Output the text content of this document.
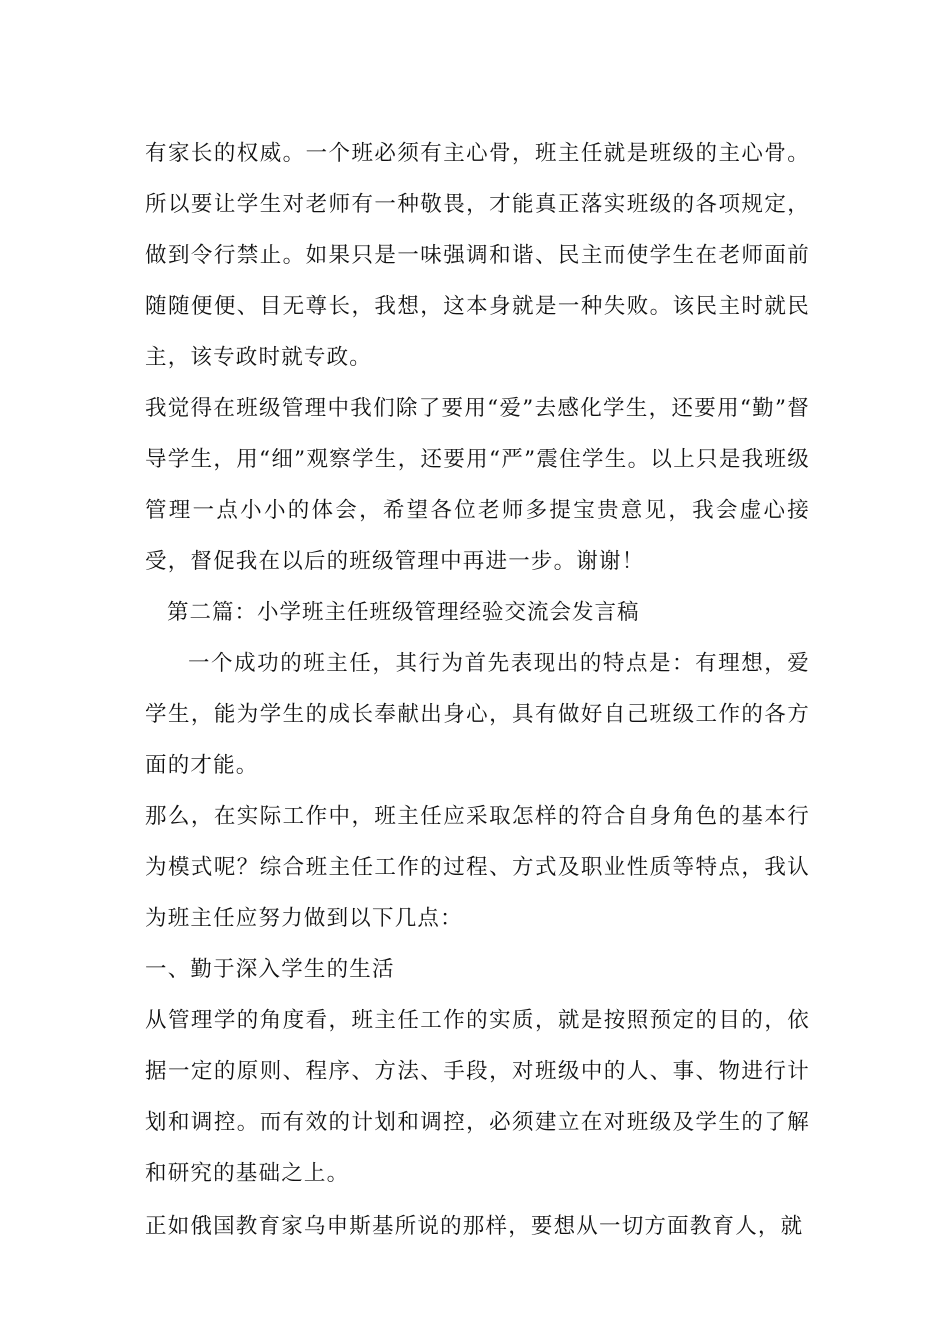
有家长的权威。一个班必须有主心骨，班主任就是班级的主心骨。所以要让学生对老师有一种敬畏，才能真正落实班级的各项规定，做到令行禁止。如果只是一味强调和谐、民主而使学生在老师面前随随便便、目无尊长，我想，这本身就是一种失败。该民主时就民主，该专政时就专政。

我觉得在班级管理中我们除了要用“爱”去感化学生，还要用“勤”督导学生，用“细”观察学生，还要用“严”震住学生。以上只是我班级管理一点小小的体会，希望各位老师多提宝贵意见，我会虚心接受，督促我在以后的班级管理中再进一步。谢谢！

第二篇：小学班主任班级管理经验交流会发言稿

一个成功的班主任，其行为首先表现出的特点是：有理想，爱学生，能为学生的成长奉献出身心，具有做好自己班级工作的各方面的才能。

那么，在实际工作中，班主任应采取怎样的符合自身角色的基本行为模式呢？综合班主任工作的过程、方式及职业性质等特点，我认为班主任应努力做到以下几点：

一、勤于深入学生的生活

从管理学的角度看，班主任工作的实质，就是按照预定的目的，依据一定的原则、程序、方法、手段，对班级中的人、事、物进行计划和调控。而有效的计划和调控，必须建立在对班级及学生的了解和研究的基础之上。

正如俄国教育家乌申斯基所说的那样，要想从一切方面教育人，就
